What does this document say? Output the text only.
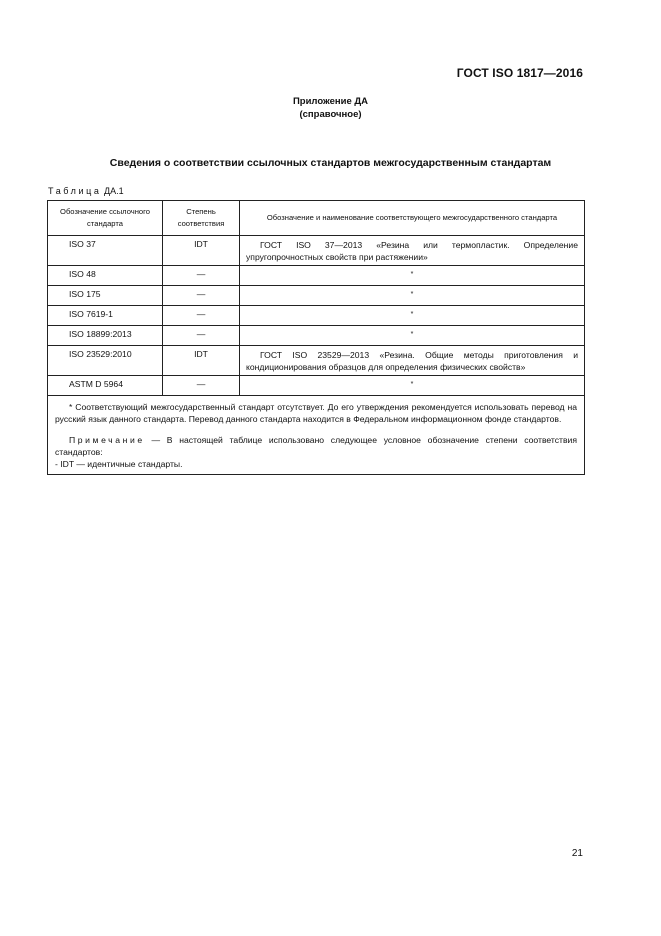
ГОСТ ISO 1817—2016
Приложение ДА
(справочное)
Сведения о соответствии ссылочных стандартов межгосударственным стандартам
Таблица ДА.1
Обозначение ссылочного стандарта	Степень соответствия	Обозначение и наименование соответствующего межгосударственного стандарта
ISO 37	IDT	ГОСТ ISO 37—2013 «Резина или термопластик. Определение упругопрочностных свойств при растяжении»

ISO 48	—	*
ISO 175	—	*
ISO 7619-1	—	*
ISO 18899:2013	—	*
ISO 23529:2010	IDT	ГОСТ ISO 23529—2013 «Резина. Общие методы приготовления и кондиционирования образцов для определения физических свойств»

ASTM D 5964	—	*

* Соответствующий межгосударственный стандарт отсутствует. До его утверждения рекомендуется использовать перевод на русский язык данного стандарта. Перевод данного стандарта находится в Федеральном информационном фонде стандартов.

Примечание — В настоящей таблице использовано следующее условное обозначение степени соответствия стандартов:

- IDT — идентичные стандарты.		

21
